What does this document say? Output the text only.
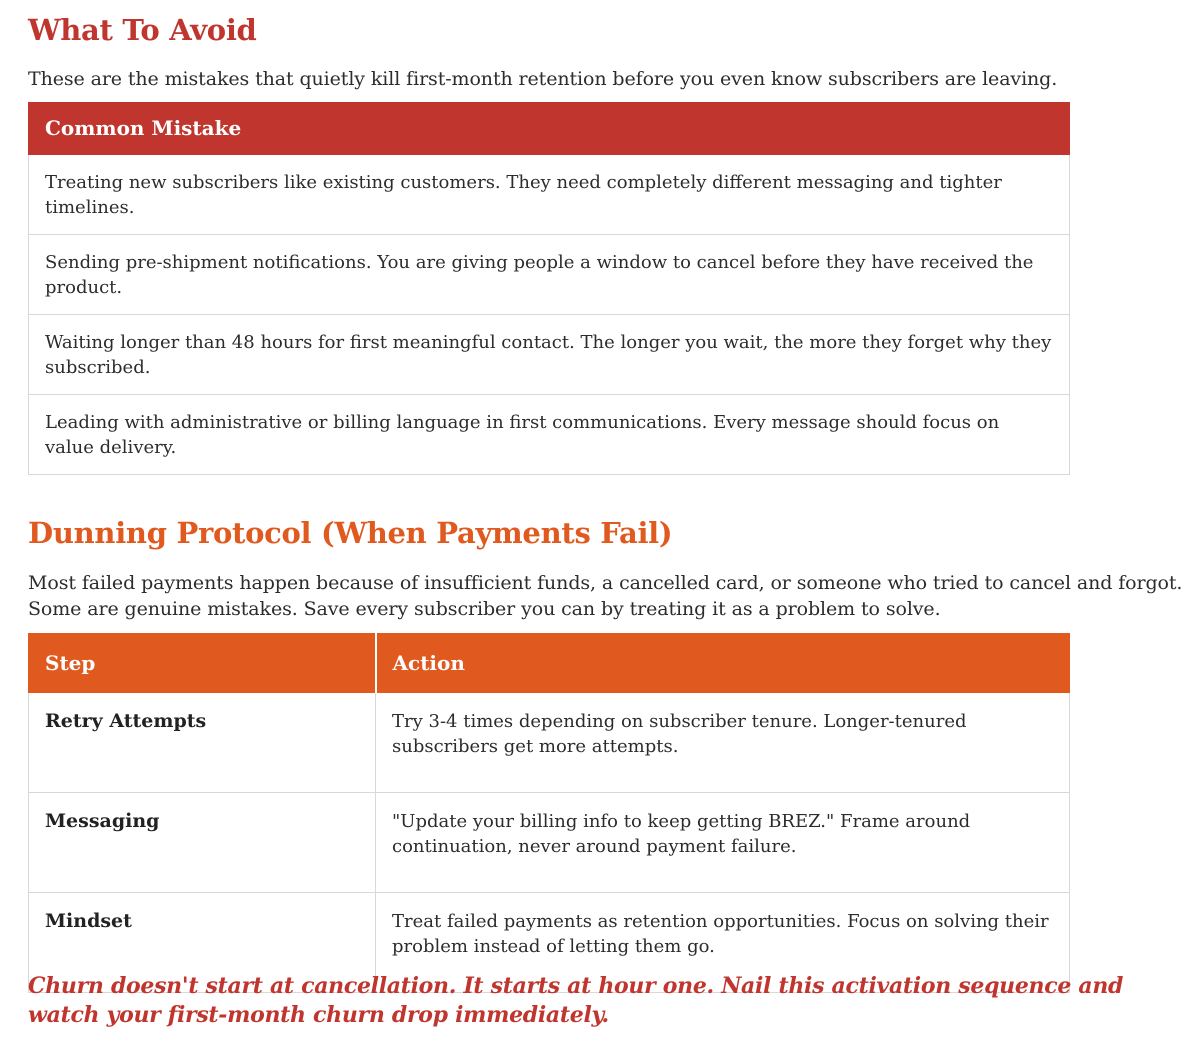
What To Avoid

These are the mistakes that quietly kill first-month retention before you even know subscribers are leaving.

Common Mistake
Treating new subscribers like existing customers. They need completely different messaging and tighter timelines.
Sending pre-shipment notifications. You are giving people a window to cancel before they have received the product.
Waiting longer than 48 hours for first meaningful contact. The longer you wait, the more they forget why they subscribed.
Leading with administrative or billing language in first communications. Every message should focus on value delivery.
Dunning Protocol (When Payments Fail)

Most failed payments happen because of insufficient funds, a cancelled card, or someone who tried to cancel and forgot. Some are genuine mistakes. Save every subscriber you can by treating it as a problem to solve.

Step	Action
Retry Attempts	Try 3-4 times depending on subscriber tenure. Longer-tenured subscribers get more attempts.
Messaging	"Update your billing info to keep getting BREZ." Frame around continuation, never around payment failure.
Mindset	Treat failed payments as retention opportunities. Focus on solving their problem instead of letting them go.

Churn doesn't start at cancellation. It starts at hour one. Nail this activation sequence and watch your first-month churn drop immediately.
